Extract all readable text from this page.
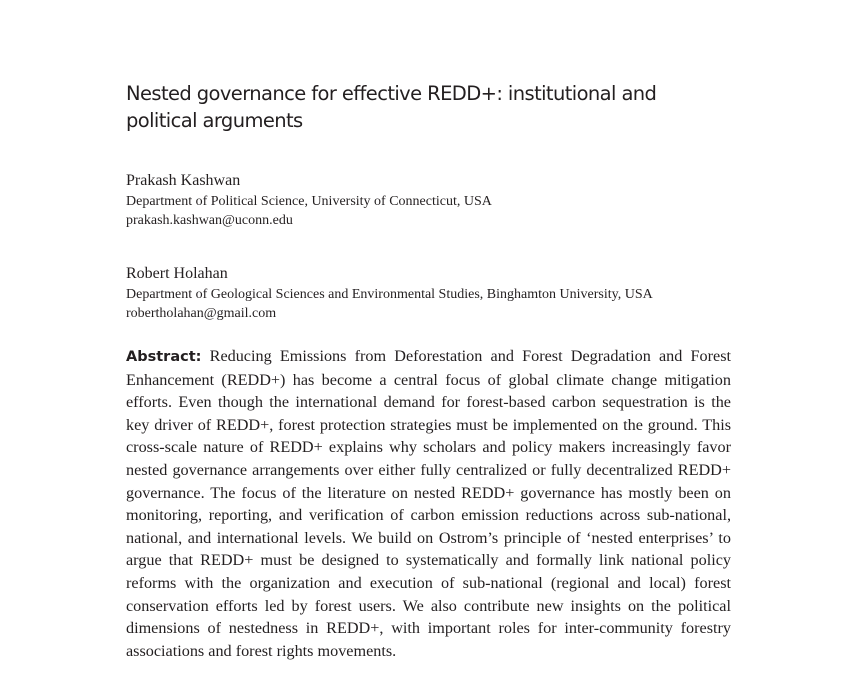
Nested governance for effective REDD+: institutional and political arguments
Prakash Kashwan
Department of Political Science, University of Connecticut, USA
prakash.kashwan@uconn.edu
Robert Holahan
Department of Geological Sciences and Environmental Studies, Binghamton University, USA
robertholahan@gmail.com

Abstract: Reducing Emissions from Deforestation and Forest Degradation and Forest Enhancement (REDD+) has become a central focus of global climate change mitigation efforts. Even though the international demand for forest-based carbon sequestration is the key driver of REDD+, forest protection strategies must be implemented on the ground. This cross-scale nature of REDD+ explains why scholars and policy makers increasingly favor nested governance arrangements over either fully centralized or fully decentralized REDD+ governance. The focus of the literature on nested REDD+ governance has mostly been on monitoring, reporting, and verification of carbon emission reductions across sub-national, national, and international levels. We build on Ostrom’s principle of ‘nested enterprises’ to argue that REDD+ must be designed to systematically and formally link national policy reforms with the organization and execution of sub-national (regional and local) forest conservation efforts led by forest users. We also contribute new insights on the political dimensions of nestedness in REDD+, with important roles for inter-community forestry associations and forest rights movements.
